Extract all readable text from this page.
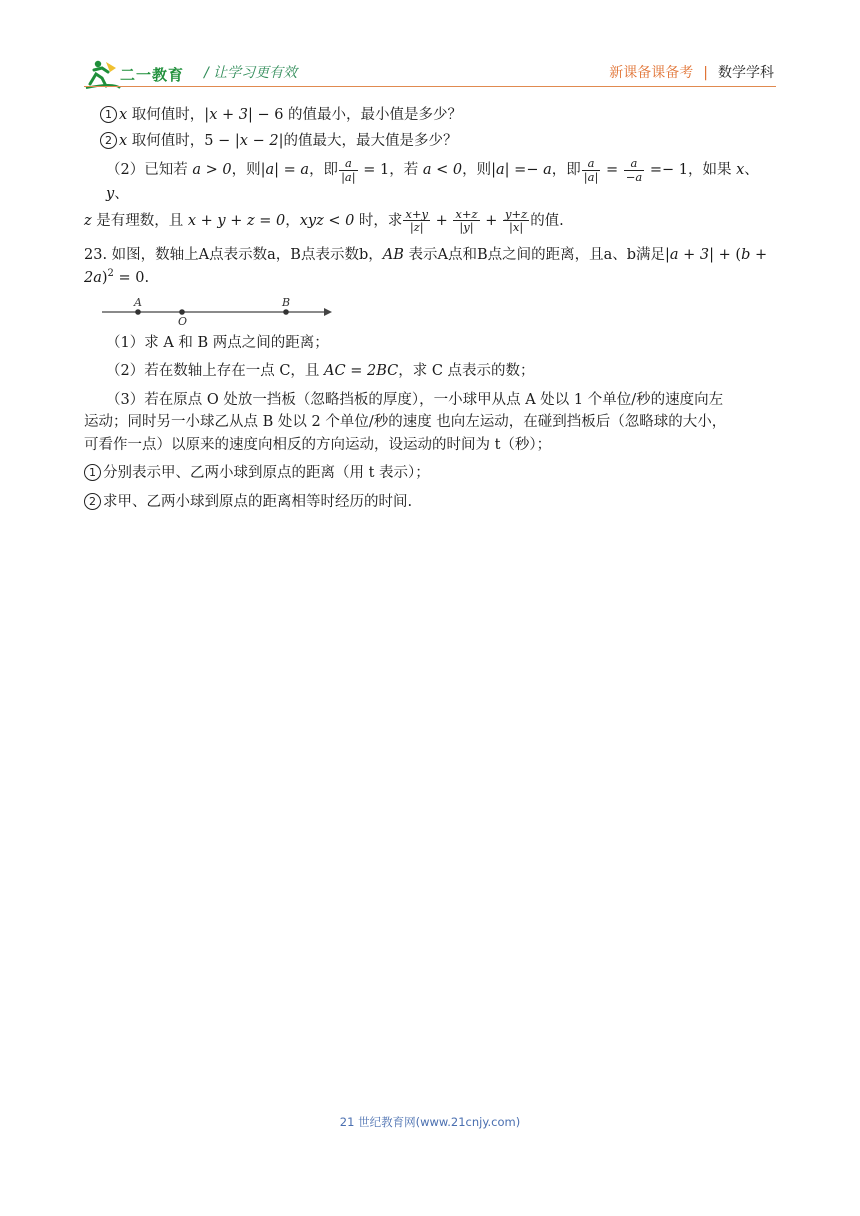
二一教育 / 让学习更有效	新课备课备考 | 数学学科

1 x 取何值时，|x + 3| − 6 的值最小，最小值是多少？

2 x 取何值时，5 − |x − 2|的值最大，最大值是多少？

（2）已知若 a > 0，则|a| = a，即 $\frac{a}{|a|} = 1$，若 a < 0，则|a| =− a，即 $\frac{a}{|a|} = \frac{a}{-a} =- 1$，如果 x、y、

z 是有理数，且 x + y + z = 0，xyz < 0 时，求 $\frac{x+y}{|z|} + \frac{x+z}{|y|} + \frac{y+z}{|x|}$ 的值.

23. 如图，数轴上A点表示数a，B点表示数b，AB 表示A点和B点之间的距离，且a、b满足|a + 3| + (b +

2a)$^2$ = 0.

A
O
B

（1）求 A 和 B 两点之间的距离；

（2）若在数轴上存在一点 C，且 AC = 2BC，求 C 点表示的数；

（3）若在原点 O 处放一挡板（忽略挡板的厚度），一小球甲从点 A 处以 1 个单位/秒的速度向左

运动；同时另一小球乙从点 B 处以 2 个单位/秒的速度 也向左运动，在碰到挡板后（忽略球的大小，

可看作一点）以原来的速度向相反的方向运动，设运动的时间为 t（秒）；

1 分别表示甲、乙两小球到原点的距离（用 t 表示）；

2 求甲、乙两小球到原点的距离相等时经历的时间.

21 世纪教育网(www.21cnjy.com)
